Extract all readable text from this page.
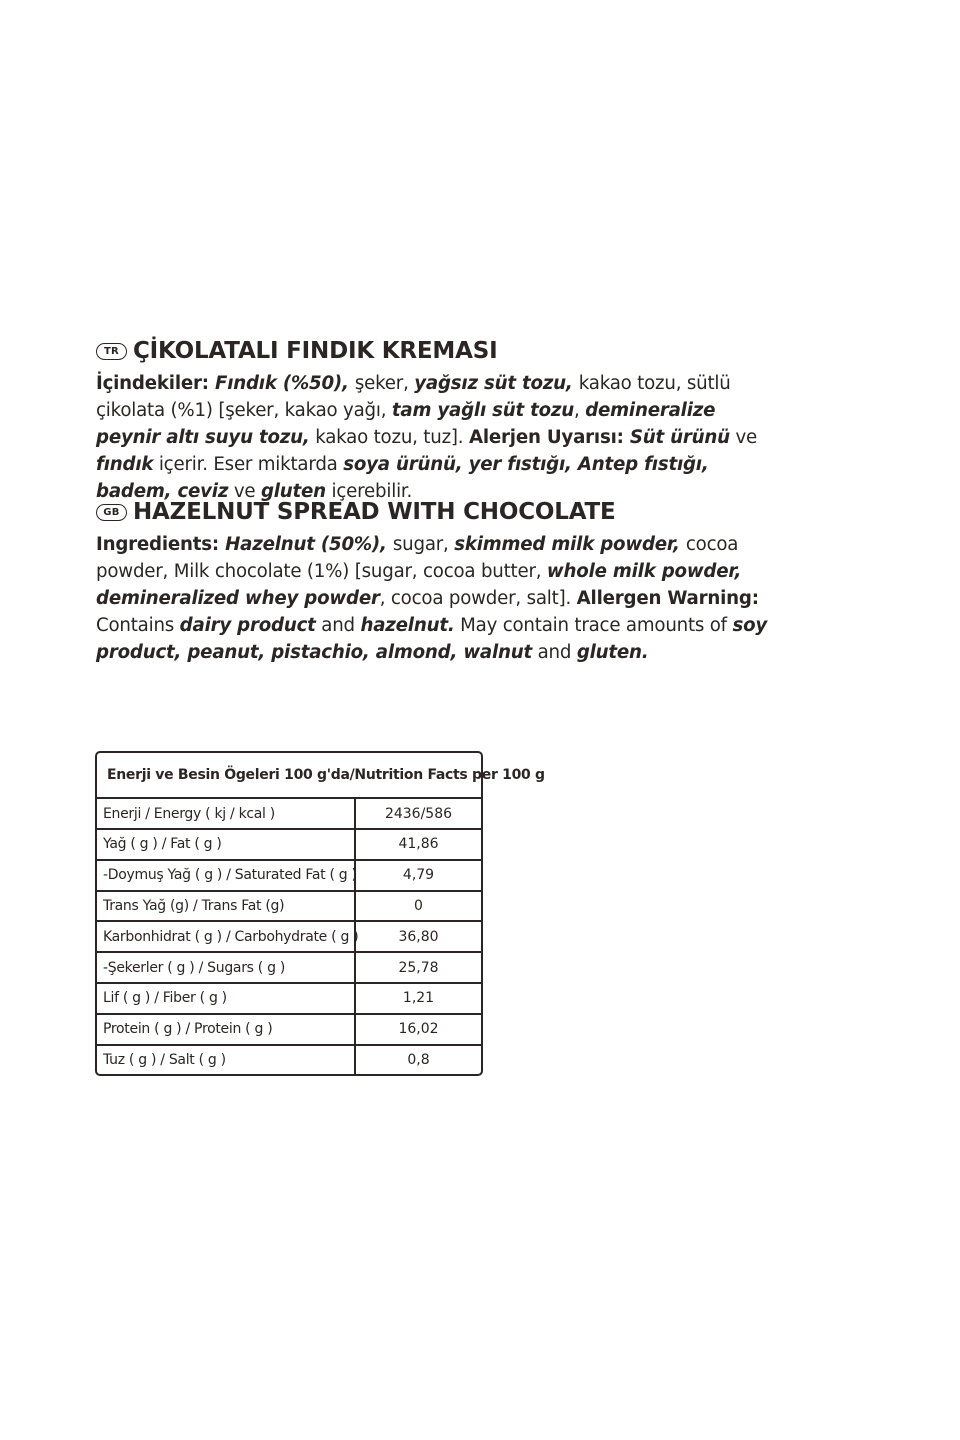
TR ÇİKOLATALI FINDIK KREMASI

İçindekiler: Fındık (%50), şeker, yağsız süt tozu, kakao tozu, sütlü çikolata (%1) [şeker, kakao yağı, tam yağlı süt tozu, demineralize peynir altı suyu tozu, kakao tozu, tuz]. Alerjen Uyarısı: Süt ürünü ve fındık içerir. Eser miktarda soya ürünü, yer fıstığı, Antep fıstığı, badem, ceviz ve gluten içerebilir.

GB HAZELNUT SPREAD WITH CHOCOLATE

Ingredients: Hazelnut (50%), sugar, skimmed milk powder, cocoa powder, Milk chocolate (1%) [sugar, cocoa butter, whole milk powder, demineralized whey powder, cocoa powder, salt]. Allergen Warning: Contains dairy product and hazelnut. May contain trace amounts of soy product, peanut, pistachio, almond, walnut and gluten.

Enerji ve Besin Ögeleri 100 g'da/Nutrition Facts per 100 g
Enerji / Energy ( kj / kcal )	2436/586
Yağ ( g ) / Fat ( g )	41,86
-Doymuş Yağ ( g ) / Saturated Fat ( g )	4,79
Trans Yağ (g) / Trans Fat (g)	0
Karbonhidrat ( g ) / Carbohydrate ( g )	36,80
-Şekerler ( g ) / Sugars ( g )	25,78
Lif ( g ) / Fiber ( g )	1,21
Protein ( g ) / Protein ( g )	16,02
Tuz ( g ) / Salt ( g )	0,8
